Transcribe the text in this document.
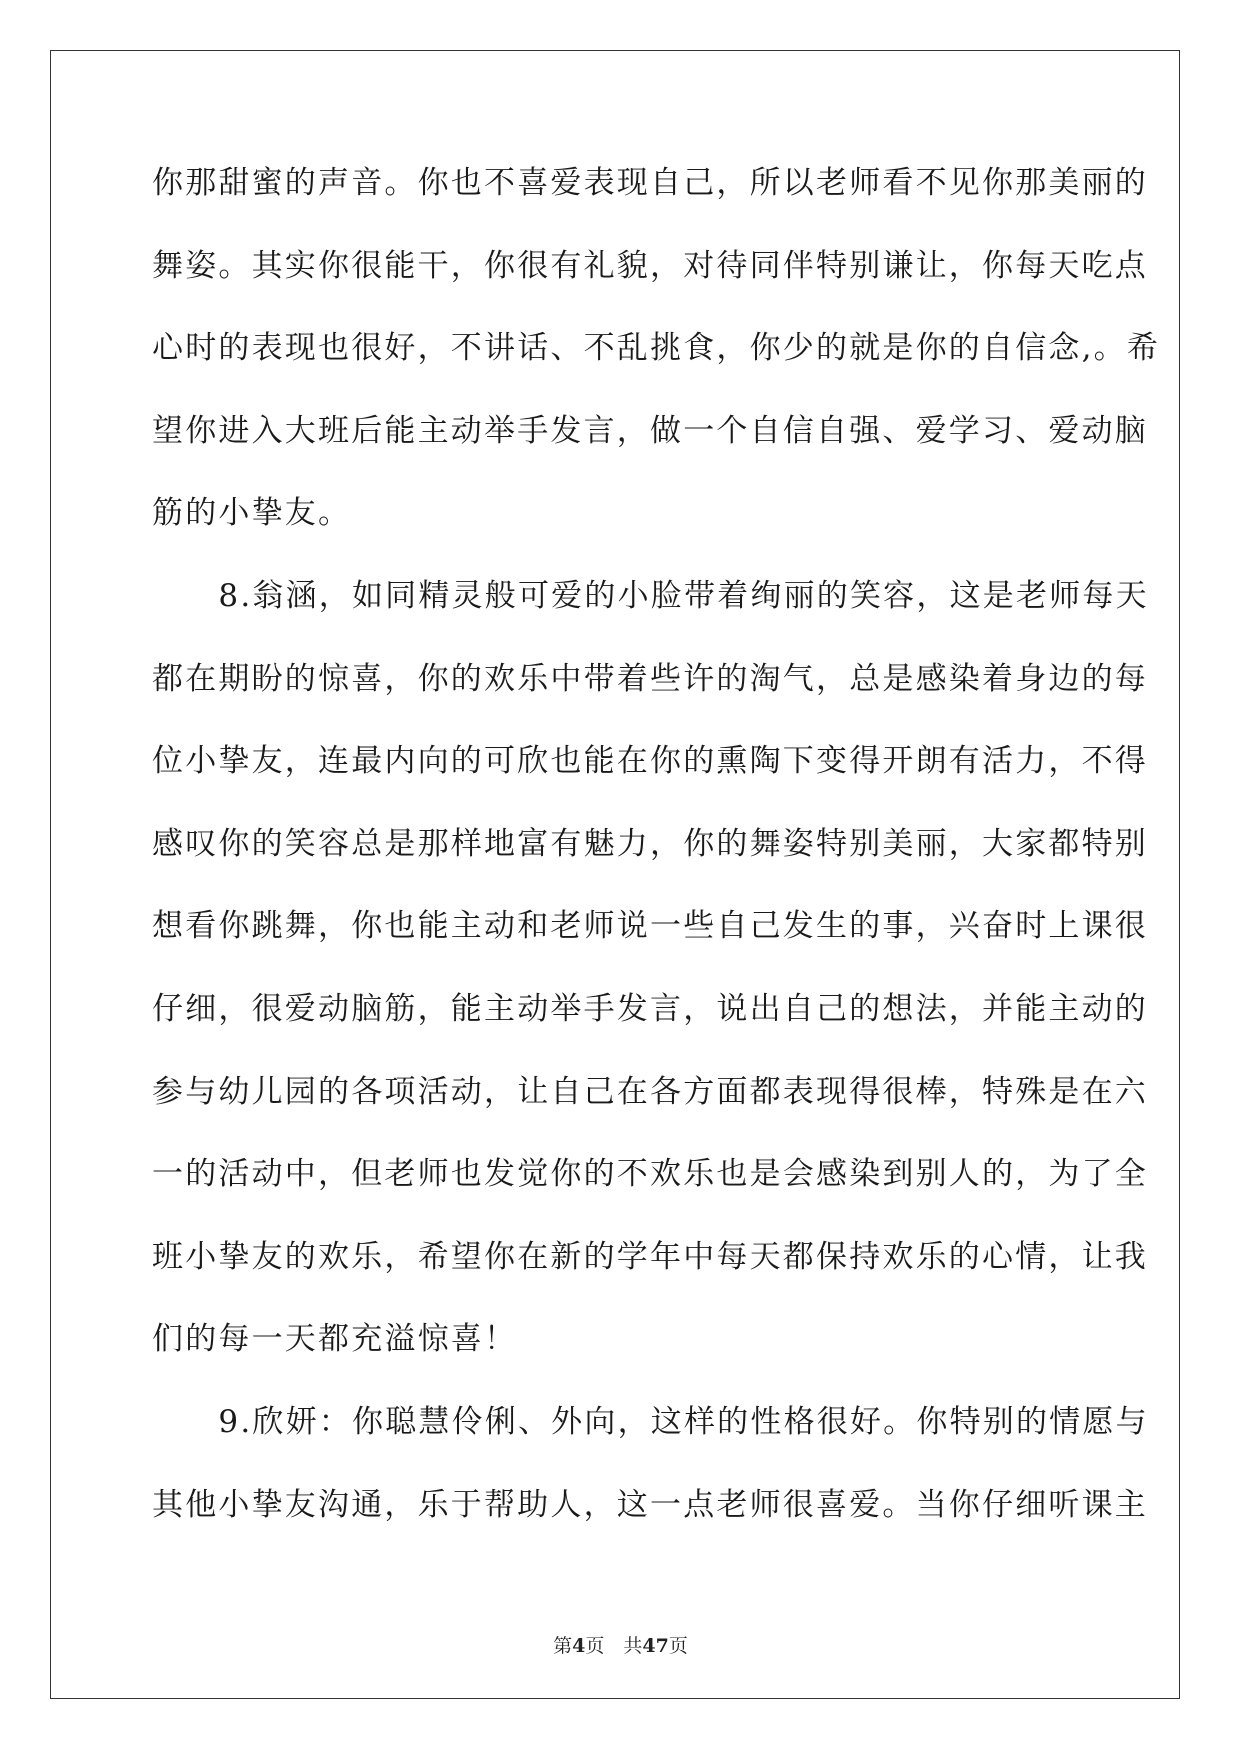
你那甜蜜的声音。你也不喜爱表现自己，所以老师看不见你那美丽的
舞姿。其实你很能干，你很有礼貌，对待同伴特别谦让，你每天吃点
心时的表现也很好，不讲话、不乱挑食，你少的就是你的自信念,。希
望你进入大班后能主动举手发言，做一个自信自强、爱学习、爱动脑
筋的小挚友。
　　8.翁涵，如同精灵般可爱的小脸带着绚丽的笑容，这是老师每天
都在期盼的惊喜，你的欢乐中带着些许的淘气，总是感染着身边的每
位小挚友，连最内向的可欣也能在你的熏陶下变得开朗有活力，不得
感叹你的笑容总是那样地富有魅力，你的舞姿特别美丽，大家都特别
想看你跳舞，你也能主动和老师说一些自己发生的事，兴奋时上课很
仔细，很爱动脑筋，能主动举手发言，说出自己的想法，并能主动的
参与幼儿园的各项活动，让自己在各方面都表现得很棒，特殊是在六
一的活动中，但老师也发觉你的不欢乐也是会感染到别人的，为了全
班小挚友的欢乐，希望你在新的学年中每天都保持欢乐的心情，让我
们的每一天都充溢惊喜！
　　9.欣妍：你聪慧伶俐、外向，这样的性格很好。你特别的情愿与
其他小挚友沟通，乐于帮助人，这一点老师很喜爱。当你仔细听课主
第4页　共47页
